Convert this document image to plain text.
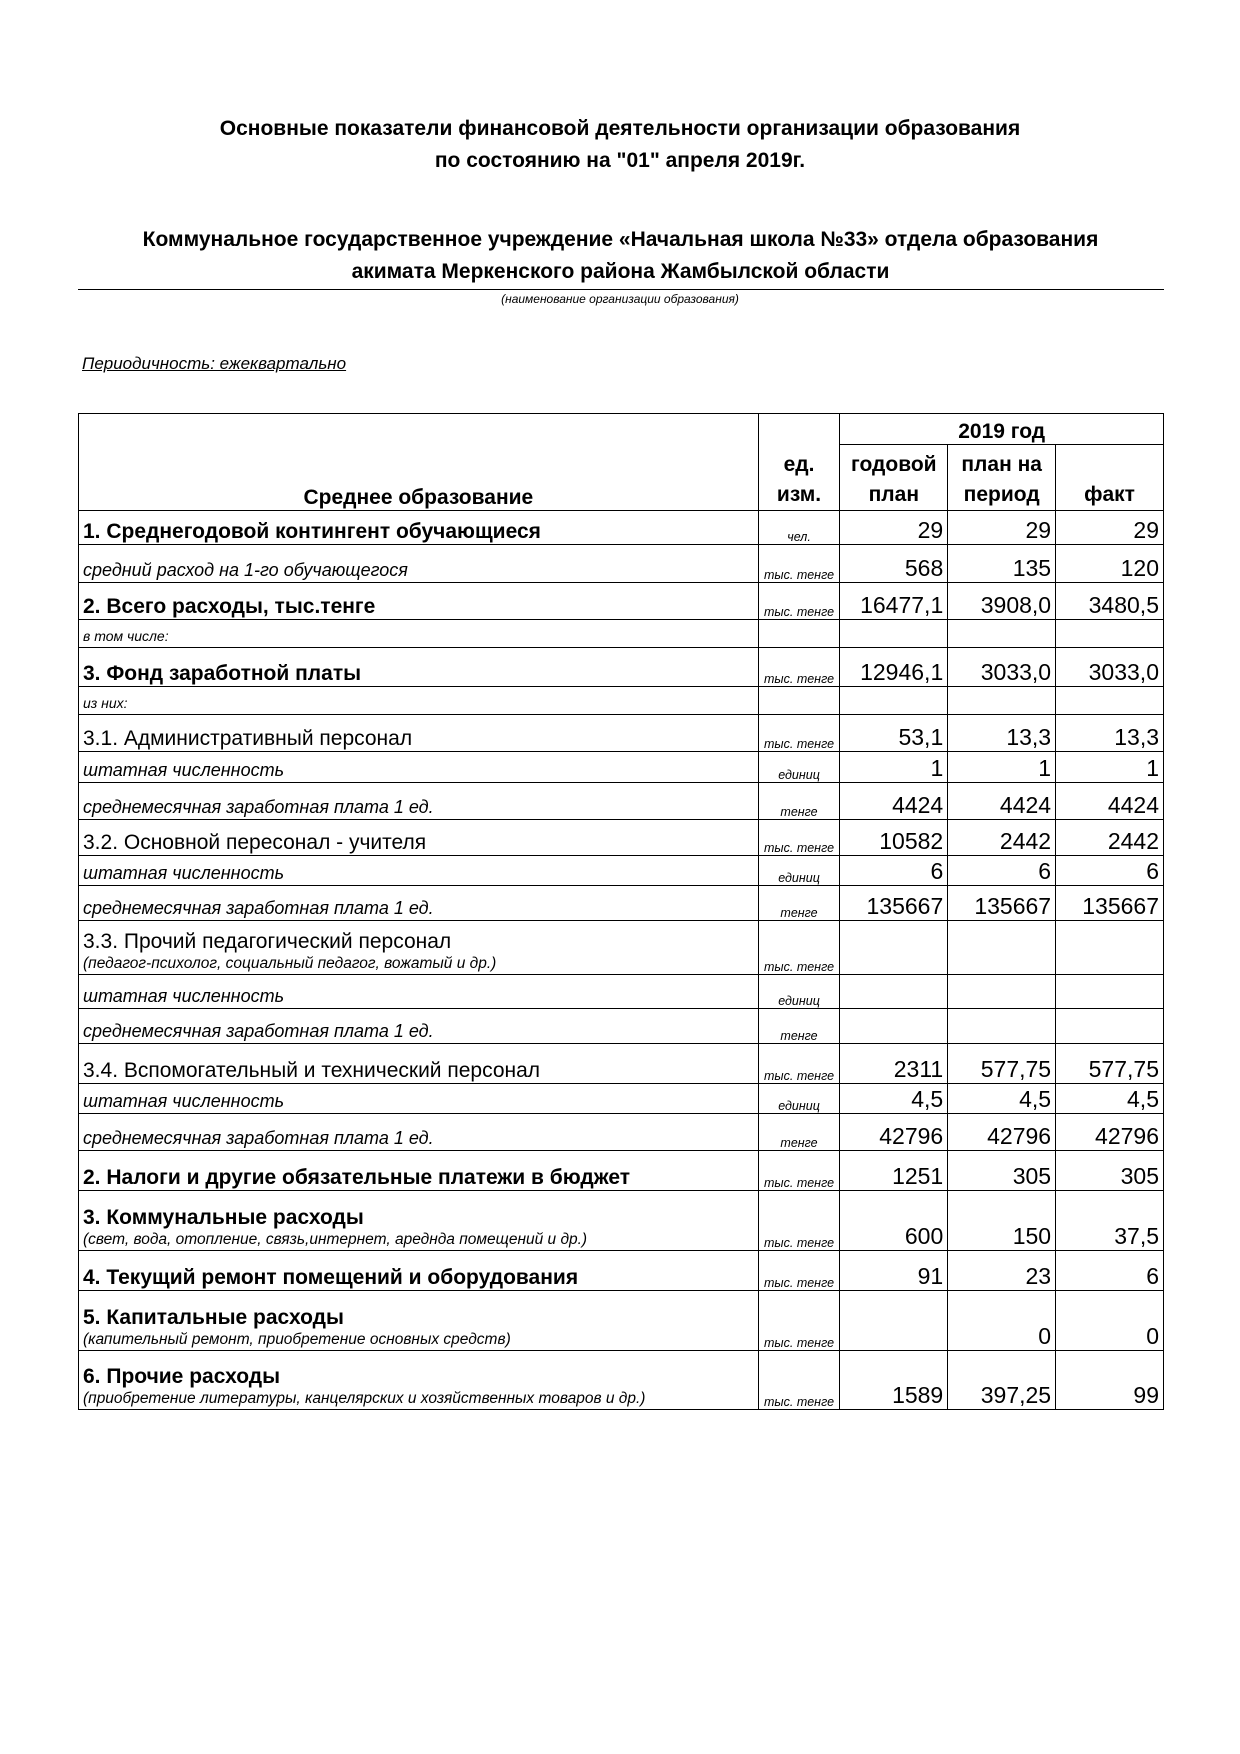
Основные показатели финансовой деятельности организации образования
по состоянию на "01" апреля 2019г.
Коммунальное государственное учреждение «Начальная школа №33» отдела образования
акимата Меркенского района Жамбылской области
(наименование организации образования)
Периодичность: ежеквартально
Среднее образование	ед. изм.	2019 год		
		годовой план	план на период	факт
1. Среднегодовой контингент обучающиеся	чел.	29	29	29
средний расход на 1-го обучающегося	тыс. тенге	568	135	120
2. Всего расходы, тыс.тенге	тыс. тенге	16477,1	3908,0	3480,5
в том числе:				
3. Фонд заработной платы	тыс. тенге	12946,1	3033,0	3033,0
из них:				
3.1. Административный персонал	тыс. тенге	53,1	13,3	13,3
штатная численность	единиц	1	1	1
среднемесячная заработная плата 1 ед.	тенге	4424	4424	4424
3.2. Основной пересонал - учителя	тыс. тенге	10582	2442	2442
штатная численность	единиц	6	6	6
среднемесячная заработная плата 1 ед.	тенге	135667	135667	135667
3.3. Прочий педагогический персонал
(педагог-психолог, социальный педагог, вожатый и др.)	тыс. тенге			
штатная численность	единиц			
среднемесячная заработная плата 1 ед.	тенге			
3.4. Вспомогательный и технический персонал	тыс. тенге	2311	577,75	577,75
штатная численность	единиц	4,5	4,5	4,5
среднемесячная заработная плата 1 ед.	тенге	42796	42796	42796
2. Налоги и другие обязательные платежи в бюджет	тыс. тенге	1251	305	305
3. Коммунальные расходы
(свет, вода, отопление, связь,интернет, ареднда помещений и др.)	тыс. тенге	600	150	37,5
4. Текущий ремонт помещений и оборудования	тыс. тенге	91	23	6
5. Капитальные расходы
(капительный ремонт, приобретение основных средств)	тыс. тенге		0	0
6. Прочие расходы
(приобретение литературы, канцелярских и хозяйственных товаров и др.)	тыс. тенге	1589	397,25	99
